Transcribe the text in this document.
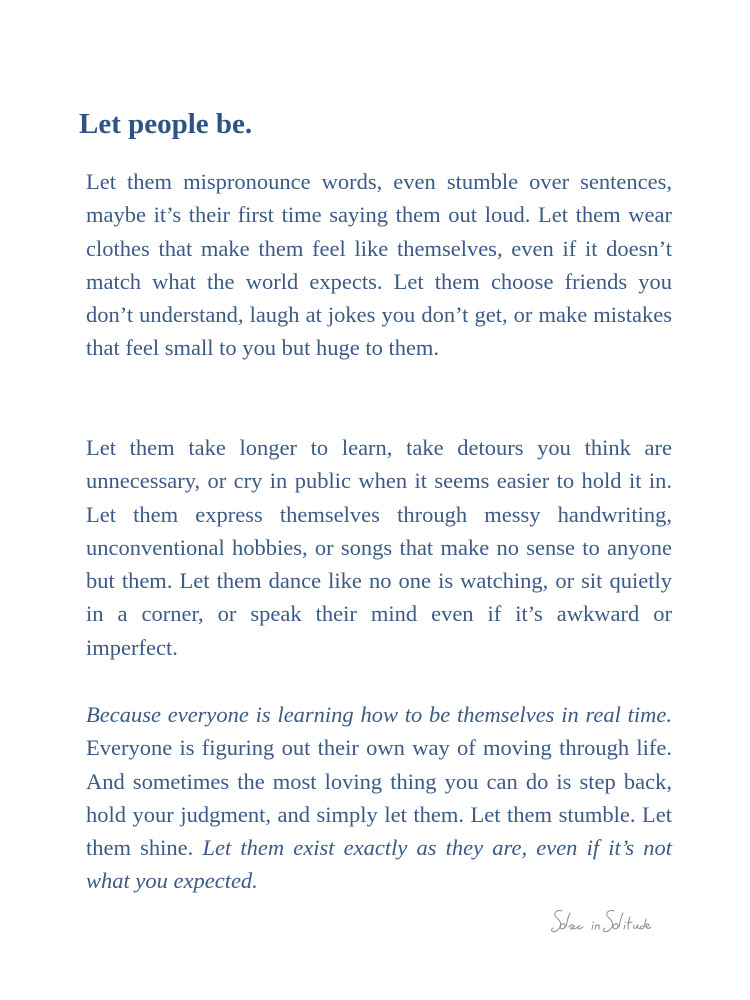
Let people be.

Let them mispronounce words, even stumble over sentences, maybe it’s their first time saying them out loud. Let them wear clothes that make them feel like themselves, even if it doesn’t match what the world expects. Let them choose friends you don’t understand, laugh at jokes you don’t get, or make mistakes that feel small to you but huge to them.

Let them take longer to learn, take detours you think are unnecessary, or cry in public when it seems easier to hold it in. Let them express themselves through messy handwriting, unconventional hobbies, or songs that make no sense to anyone but them. Let them dance like no one is watching, or sit quietly in a corner, or speak their mind even if it’s awkward or imperfect.

Because everyone is learning how to be themselves in real time. Everyone is figuring out their own way of moving through life. And sometimes the most loving thing you can do is step back, hold your judgment, and simply let them. Let them stumble. Let them shine. Let them exist exactly as they are, even if it’s not what you expected.
